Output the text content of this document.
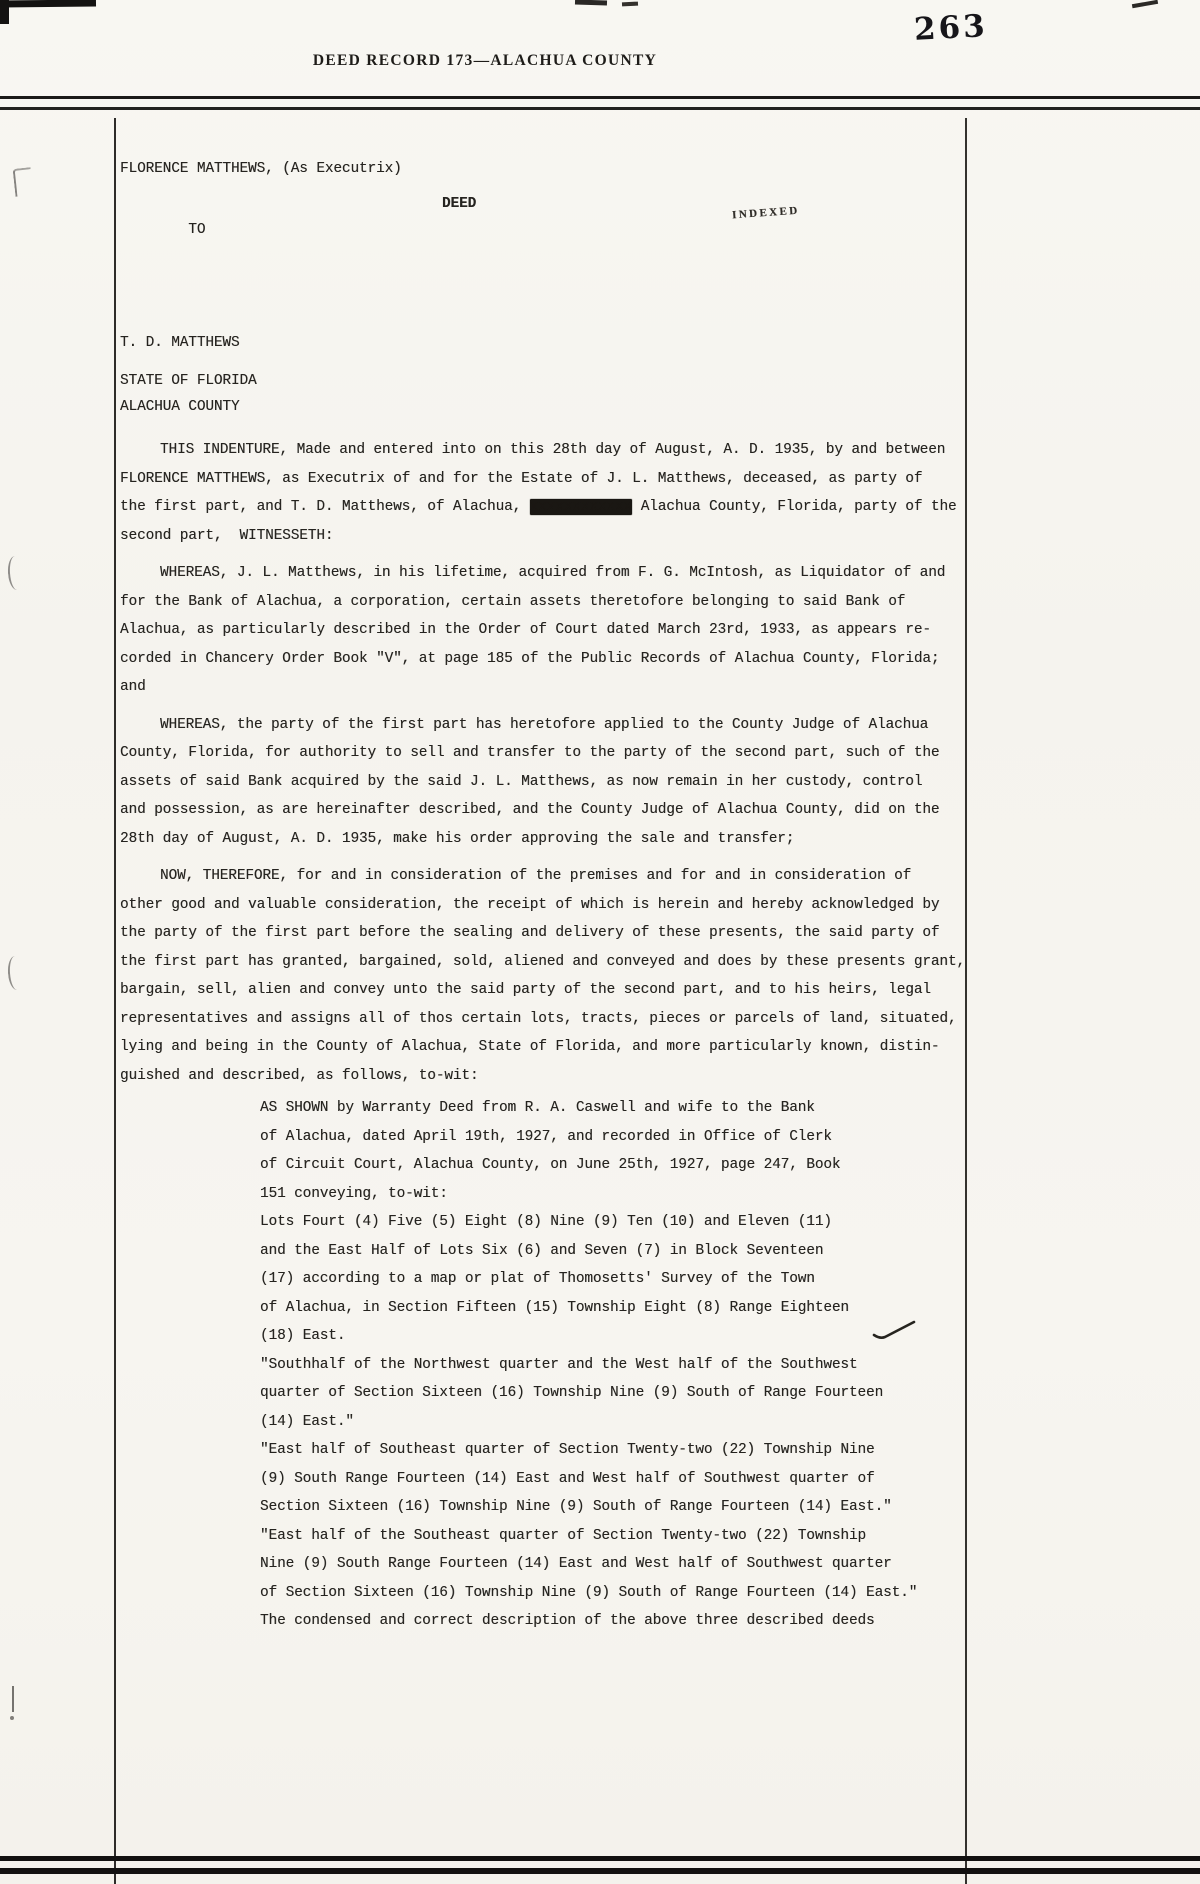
263
DEED RECORD 173—ALACHUA COUNTY
FLORENCE MATTHEWS, (As Executrix)

TO

DEED

INDEXED

T. D. MATTHEWS
STATE OF FLORIDA
ALACHUA COUNTY
THIS INDENTURE, Made and entered into on this 28th day of August, A. D. 1935, by and between
FLORENCE MATTHEWS, as Executrix of and for the Estate of J. L. Matthews, deceased, as party of
the first part, and T. D. Matthews, of Alachua, xxxxxxxxxxxx Alachua County, Florida, party of the
second part,  WITNESSETH:
WHEREAS, J. L. Matthews, in his lifetime, acquired from F. G. McIntosh, as Liquidator of and
for the Bank of Alachua, a corporation, certain assets theretofore belonging to said Bank of
Alachua, as particularly described in the Order of Court dated March 23rd, 1933, as appears re-
corded in Chancery Order Book "V", at page 185 of the Public Records of Alachua County, Florida;
and
WHEREAS, the party of the first part has heretofore applied to the County Judge of Alachua
County, Florida, for authority to sell and transfer to the party of the second part, such of the
assets of said Bank acquired by the said J. L. Matthews, as now remain in her custody, control
and possession, as are hereinafter described, and the County Judge of Alachua County, did on the
28th day of August, A. D. 1935, make his order approving the sale and transfer;
NOW, THEREFORE, for and in consideration of the premises and for and in consideration of
other good and valuable consideration, the receipt of which is herein and hereby acknowledged by
the party of the first part before the sealing and delivery of these presents, the said party of
the first part has granted, bargained, sold, aliened and conveyed and does by these presents grant,
bargain, sell, alien and convey unto the said party of the second part, and to his heirs, legal
representatives and assigns all of thos certain lots, tracts, pieces or parcels of land, situated,
lying and being in the County of Alachua, State of Florida, and more particularly known, distin-
guished and described, as follows, to-wit:
AS SHOWN by Warranty Deed from R. A. Caswell and wife to the Bank
of Alachua, dated April 19th, 1927, and recorded in Office of Clerk
of Circuit Court, Alachua County, on June 25th, 1927, page 247, Book
151 conveying, to-wit:
Lots Fourt (4) Five (5) Eight (8) Nine (9) Ten (10) and Eleven (11)
and the East Half of Lots Six (6) and Seven (7) in Block Seventeen
(17) according to a map or plat of Thomosetts' Survey of the Town
of Alachua, in Section Fifteen (15) Township Eight (8) Range Eighteen
(18) East.
"Southhalf of the Northwest quarter and the West half of the Southwest
quarter of Section Sixteen (16) Township Nine (9) South of Range Fourteen
(14) East."
"East half of Southeast quarter of Section Twenty-two (22) Township Nine
(9) South Range Fourteen (14) East and West half of Southwest quarter of
Section Sixteen (16) Township Nine (9) South of Range Fourteen (14) East."
"East half of the Southeast quarter of Section Twenty-two (22) Township
Nine (9) South Range Fourteen (14) East and West half of Southwest quarter
of Section Sixteen (16) Township Nine (9) South of Range Fourteen (14) East."
The condensed and correct description of the above three described deeds
